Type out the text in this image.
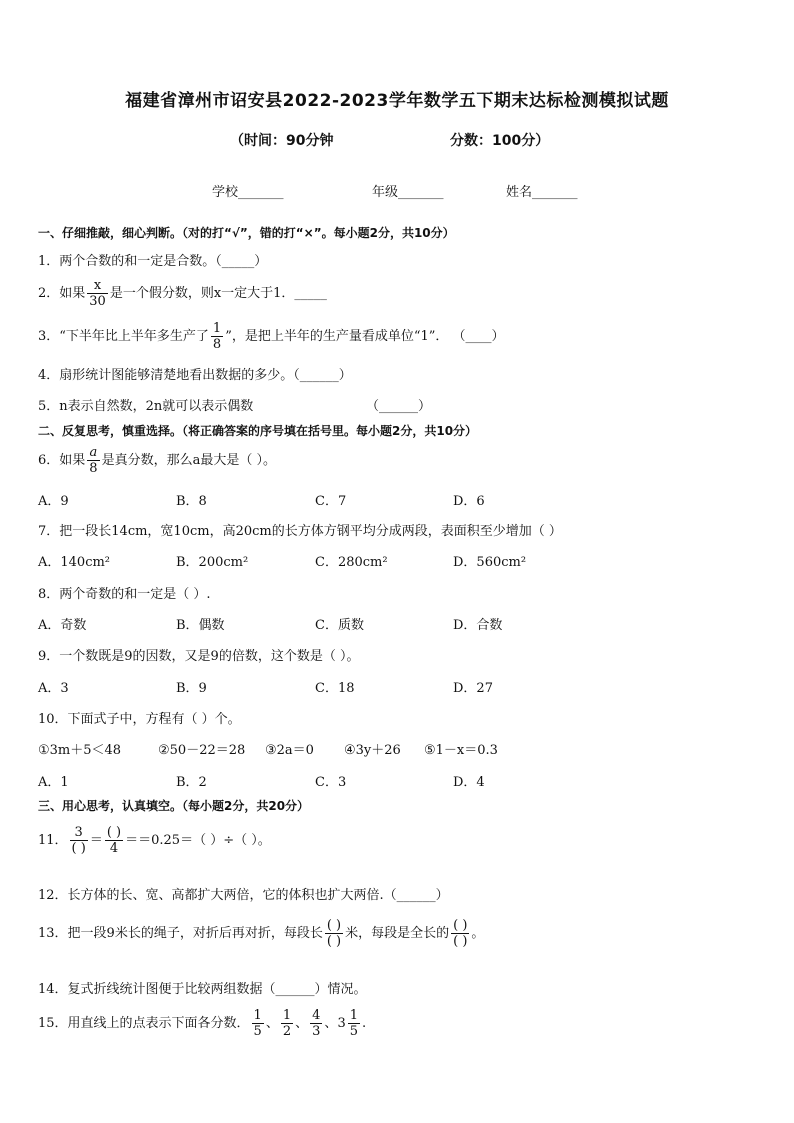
福建省漳州市诏安县2022-2023学年数学五下期末达标检测模拟试题
（时间：90分钟	分数：100分）
学校_______	年级_______	姓名_______
一、仔细推敲，细心判断。（对的打“√”，错的打“×”。每小题2分，共10分）
1．两个合数的和一定是合数。（_____）
2．如果 $\frac{x}{30}$ 是一个假分数，则x一定大于1．_____
3．“下半年比上半年多生产了 $\frac{1}{8}$ ”，是把上半年的生产量看成单位“1”． （____）
4．扇形统计图能够清楚地看出数据的多少。（______）
5．n表示自然数，2n就可以表示偶数	（______）
二、反复思考，慎重选择。（将正确答案的序号填在括号里。每小题2分，共10分）
6．如果 $\frac{a}{8}$ 是真分数，那么a最大是（ ）。
A．9	B．8	C．7	D．6
7．把一段长14cm，宽10cm，高20cm的长方体方钢平均分成两段，表面积至少增加（ ）
A．140cm²	B．200cm²	C．280cm²	D．560cm²
8．两个奇数的和一定是（ ）.
A．奇数	B．偶数	C．质数	D．合数
9．一个数既是9的因数，又是9的倍数，这个数是（ ）。
A．3	B．9	C．18	D．27
10．下面式子中，方程有（ ）个。
①3m＋5＜48	②50－22＝28 ③2a＝0 ④3y＋26 ⑤1－x＝0.3
A．1	B．2	C．3	D．4
三、用心思考，认真填空。（每小题2分，共20分）
11． $\frac{3}{( )} = \frac{( )}{4} ==0.25=$（ ）÷（ ）。
12．长方体的长、宽、高都扩大两倍，它的体积也扩大两倍.（______）
13．把一段9米长的绳子，对折后再对折，每段长 $\frac{( )}{( )}$ 米，每段是全长的 $\frac{( )}{( )}$ 。
14．复式折线统计图便于比较两组数据（______）情况。
15．用直线上的点表示下面各分数． $\frac{1}{5}$ 、 $\frac{1}{2}$ 、 $\frac{4}{3}$ 、$3 \frac{1}{5}$ .
